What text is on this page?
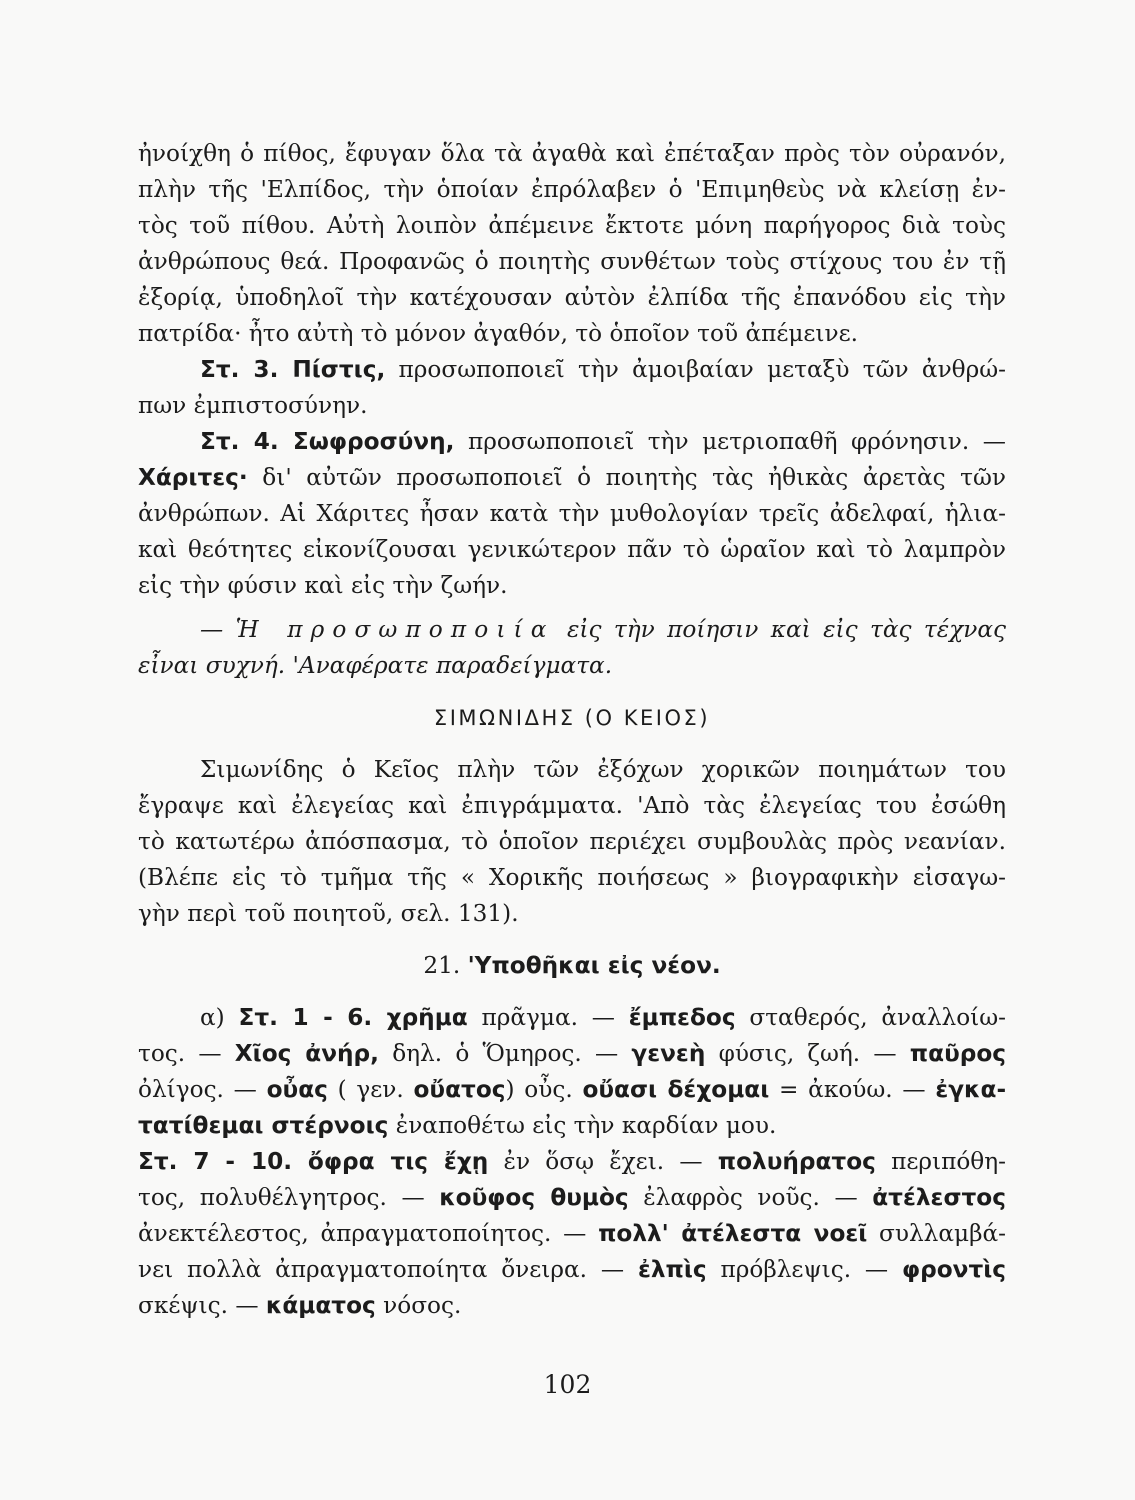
ἠνοίχθη ὁ πίθος, ἔφυγαν ὅλα τὰ ἀγαθὰ καὶ ἐπέταξαν πρὸς τὸν οὐρανόν,
πλὴν τῆς 'Ελπίδος, τὴν ὁποίαν ἐπρόλαβεν ὁ 'Επιμηθεὺς νὰ κλείσῃ ἐν-
τὸς τοῦ πίθου. Αὐτὴ λοιπὸν ἀπέμεινε ἔκτοτε μόνη παρήγορος διὰ τοὺς
ἀνθρώπους θεά. Προφανῶς ὁ ποιητὴς συνθέτων τοὺς στίχους του ἐν τῇ
ἐξορίᾳ, ὑποδηλοῖ τὴν κατέχουσαν αὐτὸν ἐλπίδα τῆς ἐπανόδου εἰς τὴν
πατρίδα· ἦτο αὐτὴ τὸ μόνον ἀγαθόν, τὸ ὁποῖον τοῦ ἀπέμεινε.
Στ. 3. Πίστις, προσωποποιεῖ τὴν ἀμοιβαίαν μεταξὺ τῶν ἀνθρώ-
πων ἐμπιστοσύνην.
Στ. 4. Σωφροσύνη, προσωποποιεῖ τὴν μετριοπαθῆ φρόνησιν. —
Χάριτες· δι' αὐτῶν προσωποποιεῖ ὁ ποιητὴς τὰς ἠθικὰς ἀρετὰς τῶν
ἀνθρώπων. Αἱ Χάριτες ἦσαν κατὰ τὴν μυθολογίαν τρεῖς ἀδελφαί, ἡλια-
καὶ θεότητες εἰκονίζουσαι γενικώτερον πᾶν τὸ ὡραῖον καὶ τὸ λαμπρὸν
εἰς τὴν φύσιν καὶ εἰς τὴν ζωήν.
— Ἡ προσωποποιία εἰς τὴν ποίησιν καὶ εἰς τὰς τέχνας
εἶναι συχνή. 'Αναφέρατε παραδείγματα.
ΣΙΜΩΝΙΔΗΣ (Ο ΚΕΙΟΣ)
Σιμωνίδης ὁ Κεῖος πλὴν τῶν ἐξόχων χορικῶν ποιημάτων του
ἔγραψε καὶ ἐλεγείας καὶ ἐπιγράμματα. 'Απὸ τὰς ἐλεγείας του ἐσώθη
τὸ κατωτέρω ἀπόσπασμα, τὸ ὁποῖον περιέχει συμβουλὰς πρὸς νεανίαν.
(Βλέπε εἰς τὸ τμῆμα τῆς « Χορικῆς ποιήσεως » βιογραφικὴν εἰσαγω-
γὴν περὶ τοῦ ποιητοῦ, σελ. 131).
21. 'Υποθῆκαι εἰς νέον.
α) Στ. 1 - 6. χρῆμα πρᾶγμα. — ἔμπεδος σταθερός, ἀναλλοίω-
τος. — Χῖος ἀνήρ, δηλ. ὁ Ὅμηρος. — γενεὴ φύσις, ζωή. — παῦρος
ὀλίγος. — οὖας ( γεν. οὔατος) οὖς. οὔασι δέχομαι = ἀκούω. — ἐγκα-
τατίθεμαι στέρνοις ἐναποθέτω εἰς τὴν καρδίαν μου.
Στ. 7 - 10. ὄφρα τις ἔχῃ ἐν ὅσῳ ἔχει. — πολυήρατος περιπόθη-
τος, πολυθέλγητρος. — κοῦφος θυμὸς ἐλαφρὸς νοῦς. — ἀτέλεστος
ἀνεκτέλεστος, ἀπραγματοποίητος. — πολλ' ἀτέλεστα νοεῖ συλλαμβά-
νει πολλὰ ἀπραγματοποίητα ὄνειρα. — ἐλπὶς πρόβλεψις. — φροντὶς
σκέψις. — κάματος νόσος.
102
